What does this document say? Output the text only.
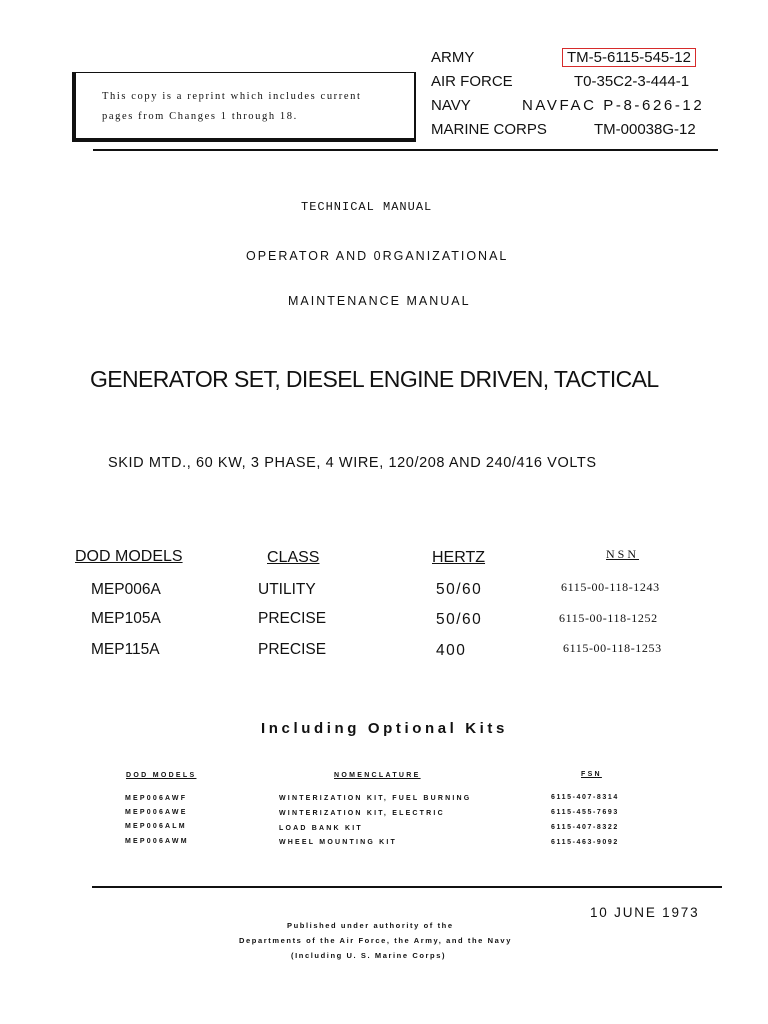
This copy is a reprint which includes current
pages from Changes 1 through 18.
ARMY	TM-5-6115-545-12
AIR FORCE	T0-35C2-3-444-1
NAVY	NAVFAC P-8-626-12
MARINE CORPS	TM-00038G-12
TECHNICAL MANUAL
OPERATOR AND 0RGANIZATIONAL
MAINTENANCE MANUAL
GENERATOR SET, DIESEL ENGINE DRIVEN, TACTICAL
SKID MTD., 60 KW, 3 PHASE, 4 WIRE, 120/208 AND 240/416 VOLTS
DOD MODELS	CLASS	HERTZ	NSN
MEP006A	UTILITY	50/60	6115-00-118-1243
MEP105A	PRECISE	50/60	6115-00-118-1252
MEP115A	PRECISE	400	6115-00-118-1253
Including Optional Kits
DOD MODELS	NOMENCLATURE	FSN
MEP006AWF	WINTERIZATION KIT, FUEL BURNING	6115-407-8314
MEP006AWE	WINTERIZATION KIT, ELECTRIC	6115-455-7693
MEP006ALM	LOAD BANK KIT	6115-407-8322
MEP006AWM	WHEEL MOUNTING KIT	6115-463-9092
10 JUNE 1973
Published under authority of the
Departments of the Air Force, the Army, and the Navy
(Including U. S. Marine Corps)
